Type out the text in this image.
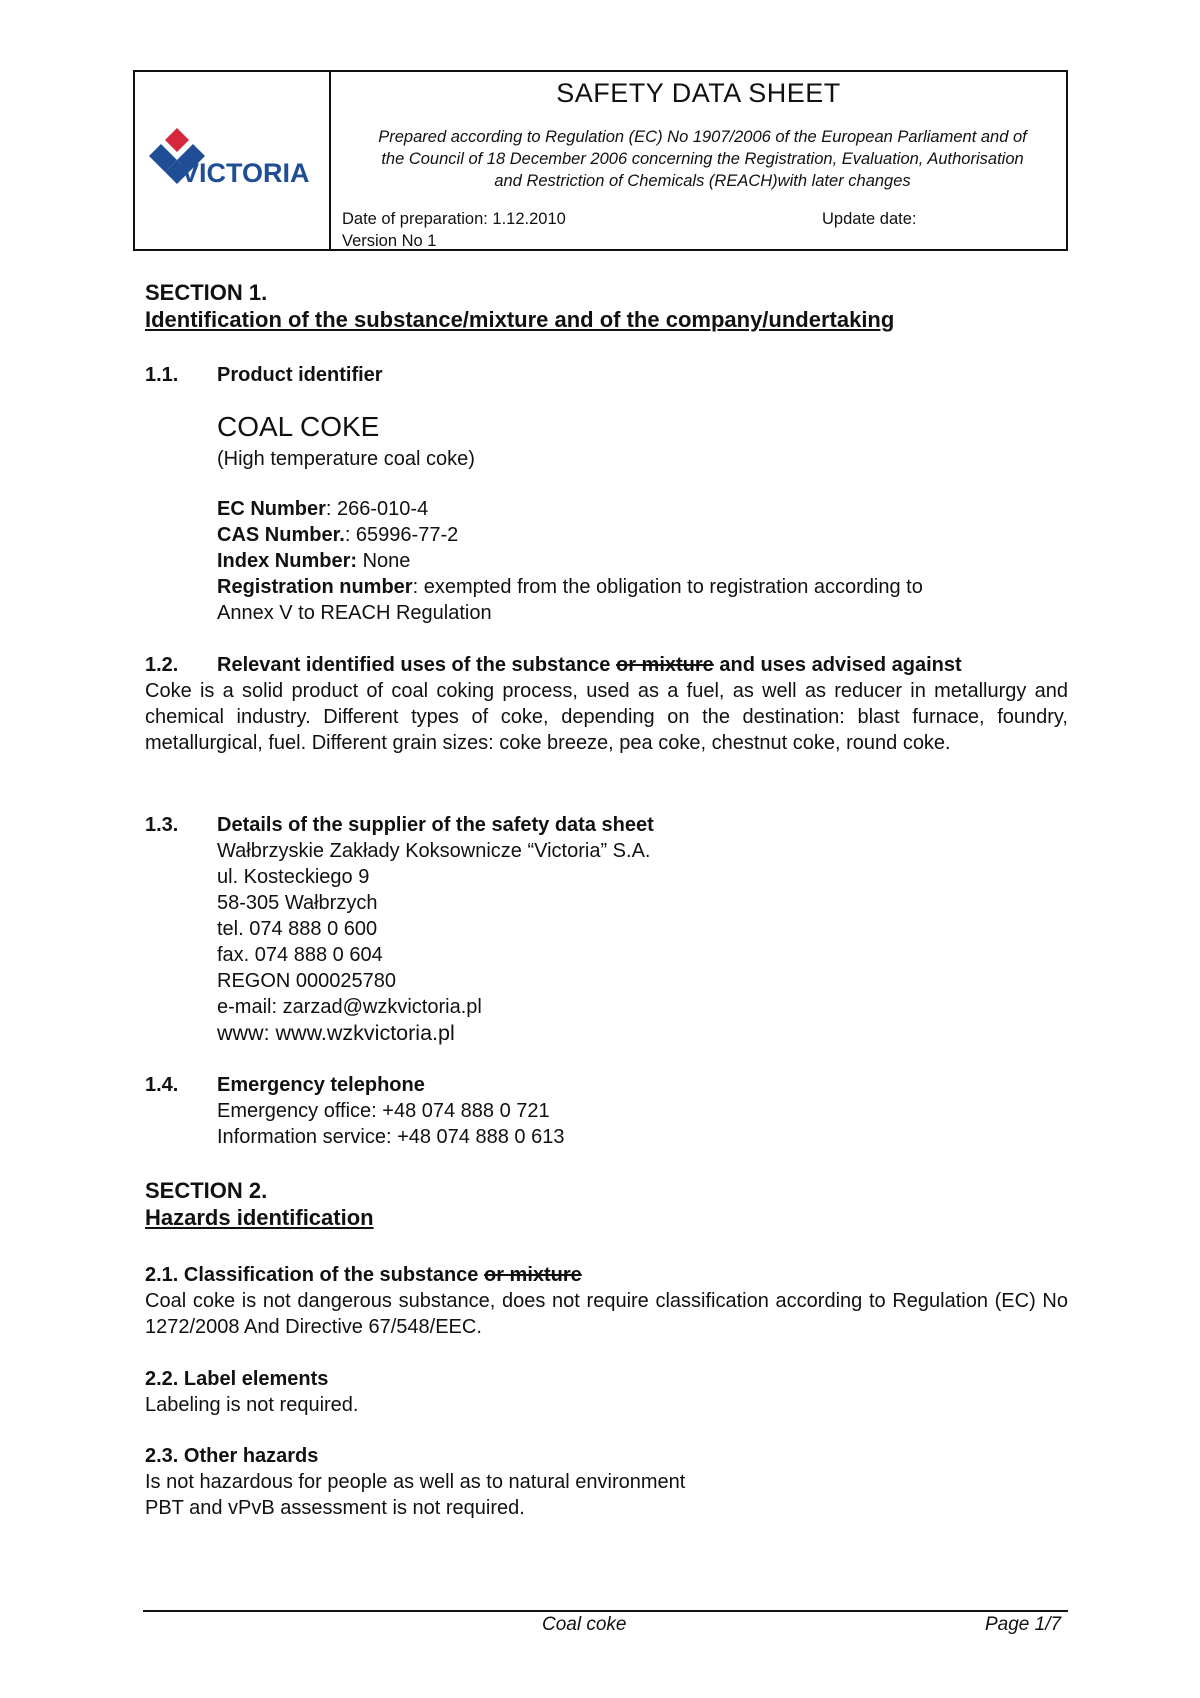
VICTORIA
SAFETY DATA SHEET
Prepared according to Regulation (EC) No 1907/2006 of the European Parliament and of
the Council of 18 December 2006 concerning the Registration, Evaluation, Authorisation
and Restriction of Chemicals (REACH)with later changes
Date of preparation: 1.12.2010	Update date:
Version No 1
SECTION 1.
Identification of the substance/mixture and of the company/undertaking
1.1. Product identifier
COAL COKE
(High temperature coal coke)
EC Number: 266-010-4
CAS Number.: 65996-77-2
Index Number: None
Registration number: exempted from the obligation to registration according to
Annex V to REACH Regulation
1.2. Relevant identified uses of the substance or mixture and uses advised against
Coke is a solid product of coal coking process, used as a fuel, as well as reducer in metallurgy and chemical industry. Different types of coke, depending on the destination: blast furnace, foundry, metallurgical, fuel. Different grain sizes: coke breeze, pea coke, chestnut coke, round coke.
1.3. Details of the supplier of the safety data sheet
Wałbrzyskie Zakłady Koksownicze “Victoria” S.A.
ul. Kosteckiego 9
58-305 Wałbrzych
tel. 074 888 0 600
fax. 074 888 0 604
REGON 000025780
e-mail: zarzad@wzkvictoria.pl
www: www.wzkvictoria.pl
1.4. Emergency telephone
Emergency office: +48 074 888 0 721
Information service: +48 074 888 0 613
SECTION 2.
Hazards identification
2.1. Classification of the substance or mixture
Coal coke is not dangerous substance, does not require classification according to Regulation (EC) No 1272/2008 And Directive 67/548/EEC.
2.2. Label elements
Labeling is not required.
2.3. Other hazards
Is not hazardous for people as well as to natural environment
PBT and vPvB assessment is not required.
Coal coke	Page 1/7
